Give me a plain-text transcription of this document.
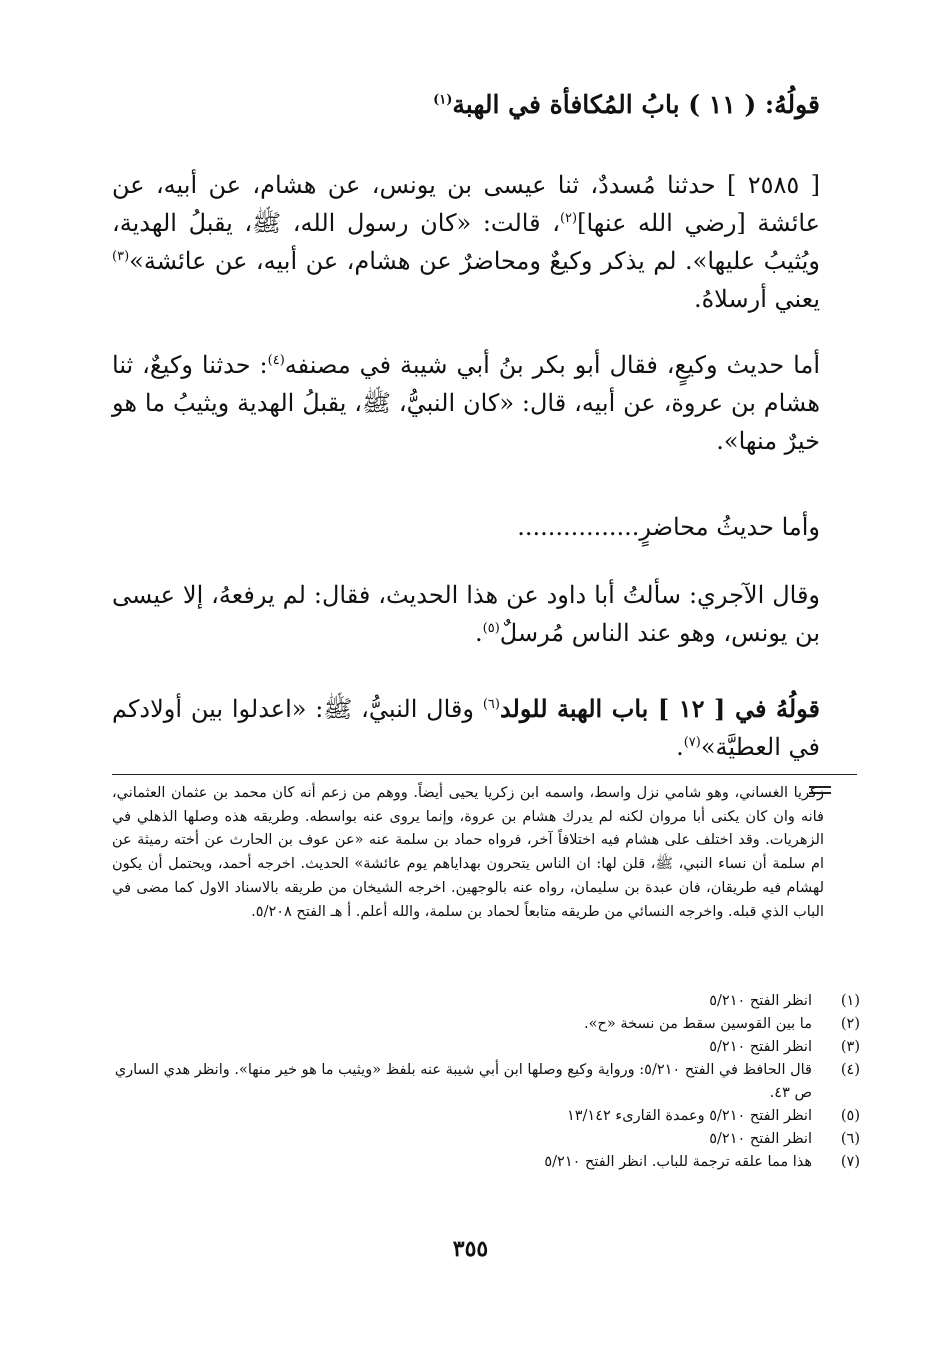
قولُهُ: ( ١١ ) بابُ المُكافأة في الهبة$^{(١)}$

[ ٢٥٨٥ ] حدثنا مُسددٌ، ثنا عيسى بن يونس، عن هشام، عن أبيه، عن عائشة [رضي الله عنها]$^{(٢)}$، قالت: «كان رسول الله، ﷺ، يقبلُ الهدية، ويُثيبُ عليها». لم يذكر وكيعٌ ومحاضرٌ عن هشام، عن أبيه، عن عائشة»$^{(٣)}$ يعني أرسلاهُ.

أما حديث وكيعٍ، فقال أبو بكر بنُ أبي شيبة في مصنفه$^{(٤)}$: حدثنا وكيعٌ، ثنا هشام بن عروة، عن أبيه، قال: «كان النبيُّ، ﷺ، يقبلُ الهدية ويثيبُ ما هو خيرٌ منها».

وأما حديثُ محاضرٍ................

وقال الآجري: سألتُ أبا داود عن هذا الحديث، فقال: لم يرفعهُ، إلا عيسى بن يونس، وهو عند الناس مُرسلٌ$^{(٥)}$.

قولُهُ في [ ١٢ ] باب الهبة للولد$^{(٦)}$ وقال النبيُّ، ﷺ: «اعدلوا بين أولادكم في العطيَّة»$^{(٧)}$.

زكريا الغساني، وهو شامي نزل واسط، واسمه ابن زكريا يحيى أيضاً. ووهم من زعم أنه كان محمد بن عثمان العثماني، فانه وان كان يكنى أبا مروان لكنه لم يدرك هشام بن عروة، وإنما يروى عنه بواسطه. وطريقه هذه وصلها الذهلي في الزهريات. وقد اختلف على هشام فيه اختلافاً آخر، فرواه حماد بن سلمة عنه «عن عوف بن الحارث عن أخته رميثة عن ام سلمة أن نساء النبي، ﷺ، قلن لها: ان الناس يتحرون بهداياهم يوم عائشة» الحديث. اخرجه أحمد، ويحتمل أن يكون لهشام فيه طريقان، فان عبدة بن سليمان، رواه عنه بالوجهين. اخرجه الشيخان من طريقه بالاسناد الاول كما مضى في الباب الذي قبله. واخرجه النسائي من طريقه متابعاً لحماد بن سلمة، والله أعلم. أ هـ الفتح ٥/٢٠٨.

(١)
انظر الفتح ٥/٢١٠
(٢)
ما بين القوسين سقط من نسخة «ح».
(٣)
انظر الفتح ٥/٢١٠
(٤)
قال الحافظ في الفتح ٥/٢١٠: ورواية وكيع وصلها ابن أبي شيبة عنه بلفظ «ويثيب ما هو خير منها». وانظر هدي الساري ص ٤٣.
(٥)
انظر الفتح ٥/٢١٠ وعمدة القارىء ١٣/١٤٢
(٦)
انظر الفتح ٥/٢١٠
(٧)
هذا مما علقه ترجمة للباب. انظر الفتح ٥/٢١٠
٣٥٥
